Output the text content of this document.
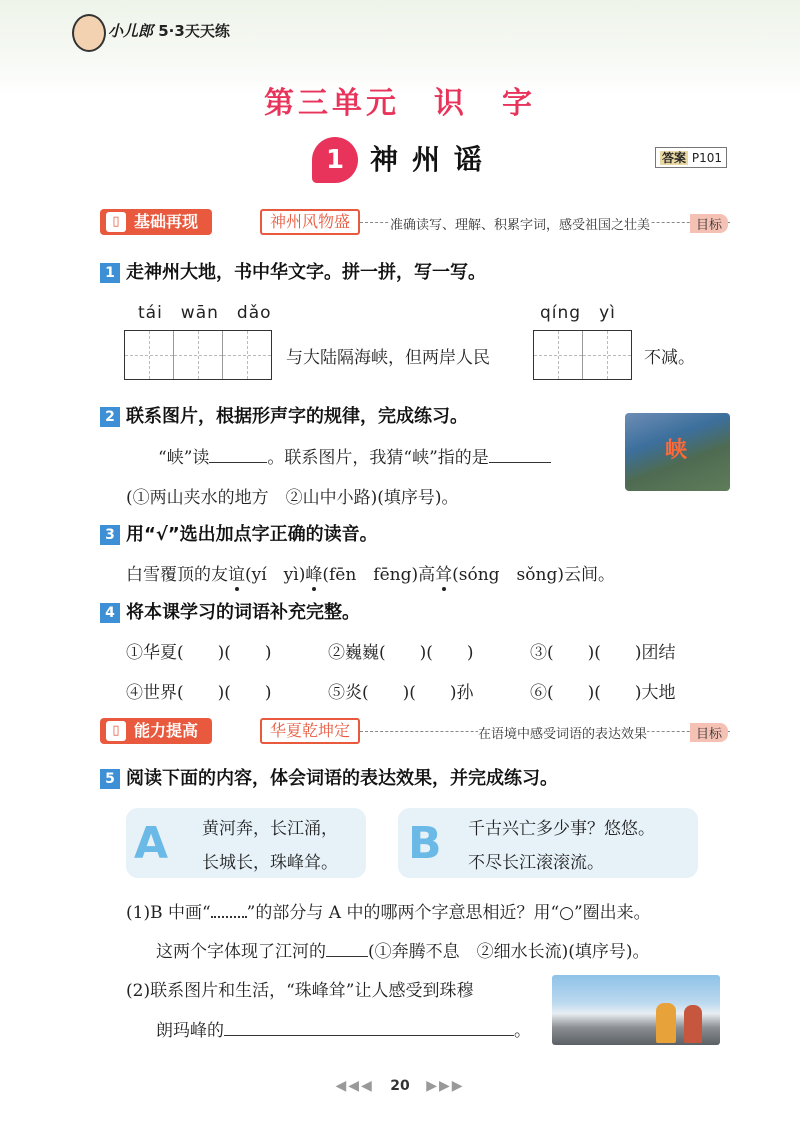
小儿郎 5·3天天练
第三单元　识　字
1 神州谣	答案 P101
▯ 基础再现	神州风物盛	准确读写、理解、积累字词，感受祖国之壮美	目标
1 走神州大地，书中华文字。拼一拼，写一写。
tái　wān　dǎo	qíng　yì
与大陆隔海峡，但两岸人民	不减。
2 联系图片，根据形声字的规律，完成练习。
“峡”读	。联系图片，我猜“峡”指的是
(①两山夹水的地方　②山中小路)(填序号)。
峡
3 用“√”选出加点字正确的读音。
白雪覆顶的友谊(yí　yì)峰(fēn　fēng)高耸(sóng　sǒng)云间。
4 将本课学习的词语补充完整。
①华夏(　　)(　　)	②巍巍(　　)(　　)	③(　　)(　　)团结
④世界(　　)(　　)	⑤炎(　　)(　　)孙	⑥(　　)(　　)大地
▯ 能力提高	华夏乾坤定	在语境中感受词语的表达效果	目标
5 阅读下面的内容，体会词语的表达效果，并完成练习。
A 黄河奔，长江涌，
长城长，珠峰耸。 B 千古兴亡多少事？悠悠。
不尽长江滚滚流。
(1)B 中画“ ”的部分与 A 中的哪两个字意思相近？用“○”圈出来。
这两个字体现了江河的 (①奔腾不息　②细水长流)(填序号)。
(2)联系图片和生活，“珠峰耸”让人感受到珠穆
朗玛峰的	。
◀◀◀ 20 ▶▶▶
